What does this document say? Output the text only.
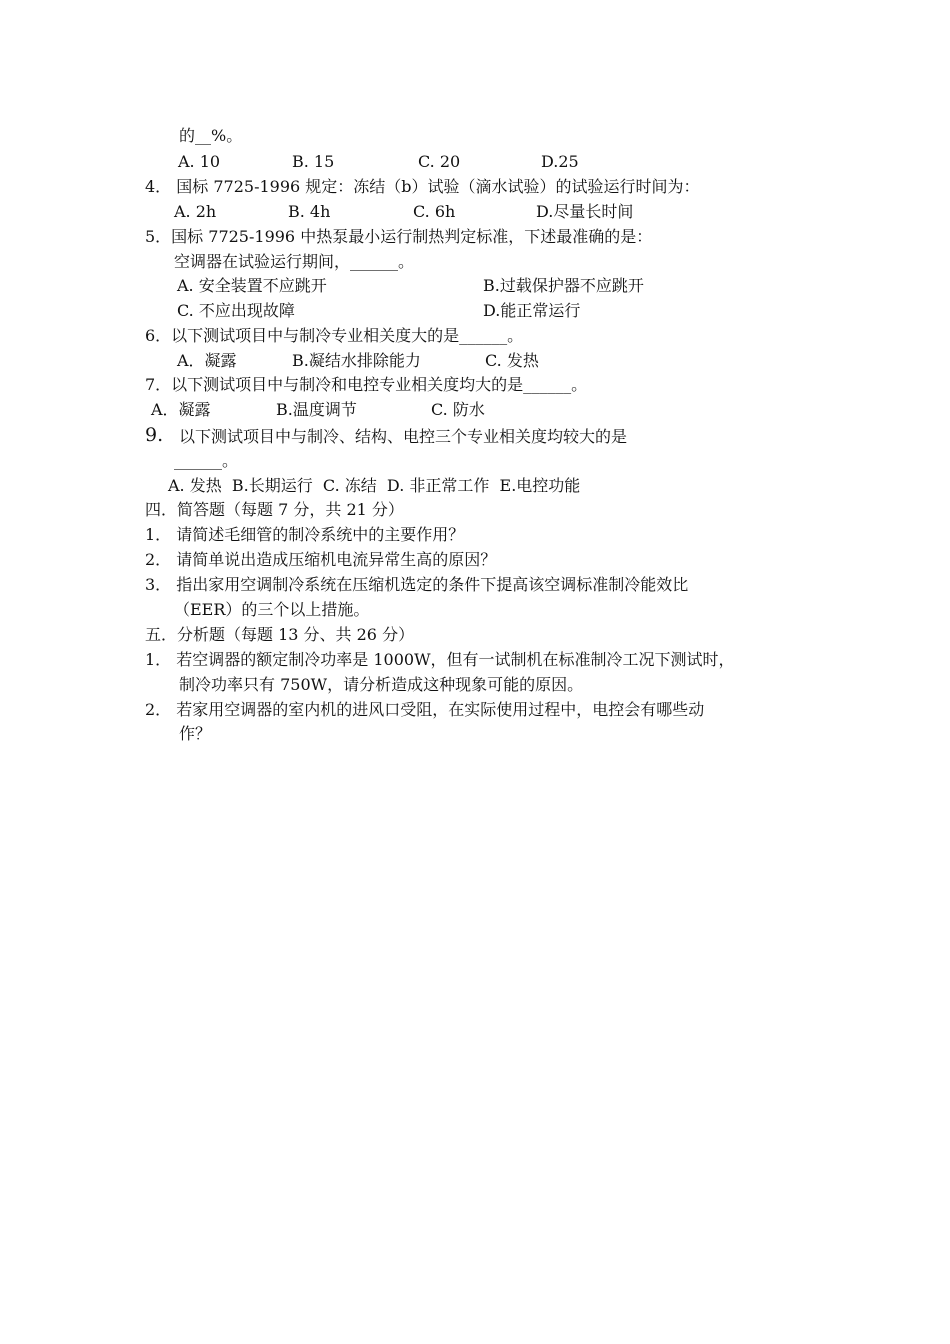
的__%。
A. 10	B. 15	C. 20	D.25
4． 国标 7725-1996 规定：冻结（b）试验（滴水试验）的试验运行时间为：
A. 2h	B. 4h	C. 6h	D.尽量长时间
5．国标 7725-1996 中热泵最小运行制热判定标准，下述最准确的是：
空调器在试验运行期间，______。
A. 安全装置不应跳开	B.过载保护器不应跳开
C. 不应出现故障	D.能正常运行
6．以下测试项目中与制冷专业相关度大的是______。
A．凝露	B.凝结水排除能力	C. 发热
7．以下测试项目中与制冷和电控专业相关度均大的是______。
A．凝露	B.温度调节	C. 防水
9. 以下测试项目中与制冷、结构、电控三个专业相关度均较大的是
______。
A. 发热  B.长期运行  C. 冻结  D. 非正常工作  E.电控功能
四．简答题（每题 7 分，共 21 分）
1． 请简述毛细管的制冷系统中的主要作用？
2． 请简单说出造成压缩机电流异常生高的原因？
3． 指出家用空调制冷系统在压缩机选定的条件下提高该空调标准制冷能效比
（EER）的三个以上措施。
五．分析题（每题 13 分、共 26 分）
1． 若空调器的额定制冷功率是 1000W，但有一试制机在标准制冷工况下测试时，
制冷功率只有 750W，请分析造成这种现象可能的原因。
2． 若家用空调器的室内机的进风口受阻，在实际使用过程中，电控会有哪些动
作？
